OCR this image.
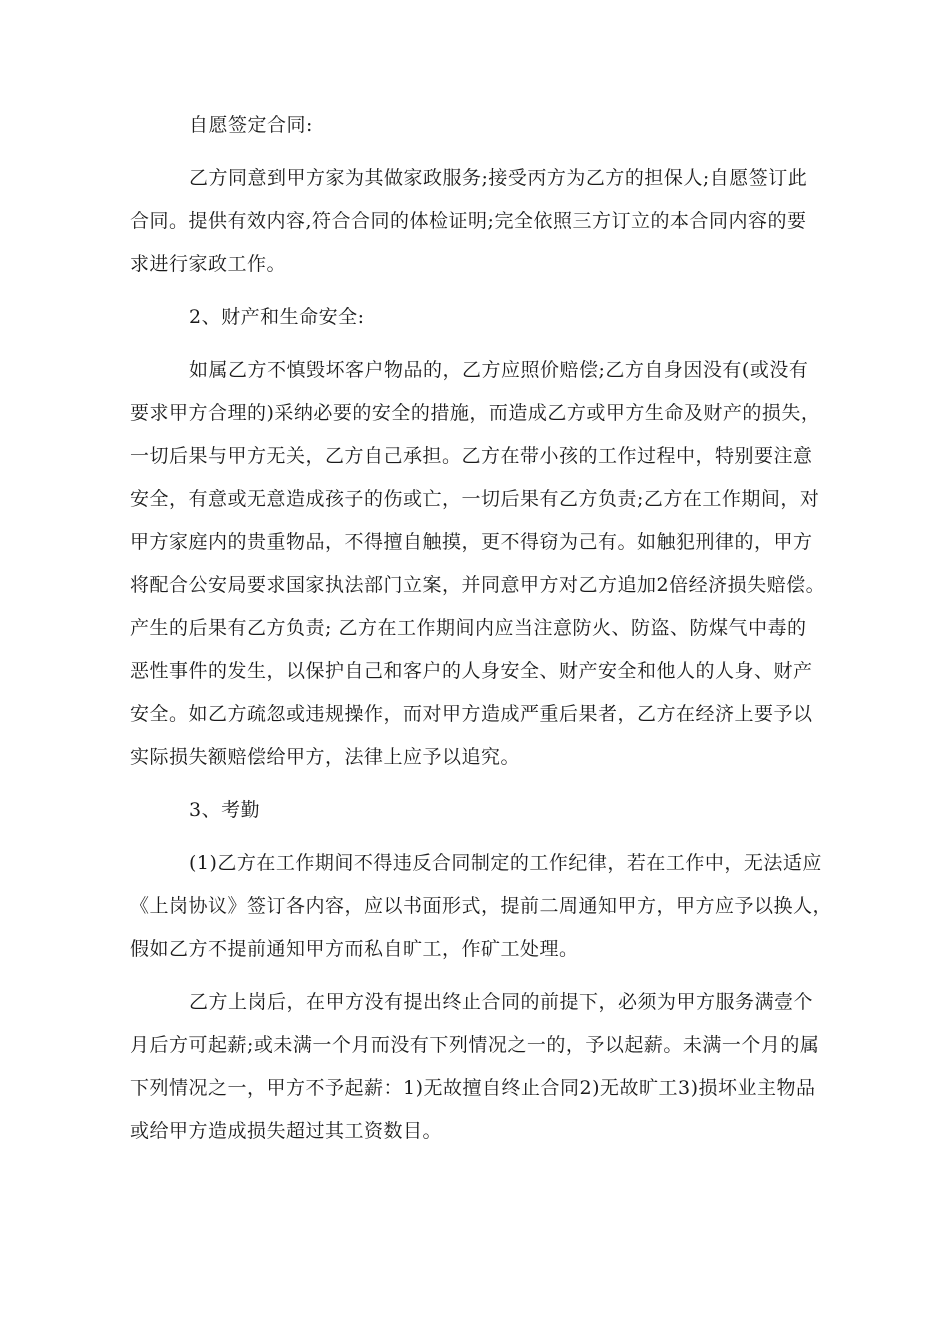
自愿签定合同:

乙方同意到甲方家为其做家政服务;接受丙方为乙方的担保人;自愿签订此
合同。提供有效内容,符合合同的体检证明;完全依照三方订立的本合同内容的要
求进行家政工作。

2、财产和生命安全:

如属乙方不慎毁坏客户物品的，乙方应照价赔偿;乙方自身因没有(或没有
要求甲方合理的)采纳必要的安全的措施，而造成乙方或甲方生命及财产的损失，
一切后果与甲方无关，乙方自己承担。乙方在带小孩的工作过程中，特别要注意
安全，有意或无意造成孩子的伤或亡，一切后果有乙方负责;乙方在工作期间，对
甲方家庭内的贵重物品，不得擅自触摸，更不得窃为己有。如触犯刑律的，甲方
将配合公安局要求国家执法部门立案，并同意甲方对乙方追加2倍经济损失赔偿。
产生的后果有乙方负责; 乙方在工作期间内应当注意防火、防盗、防煤气中毒的
恶性事件的发生，以保护自己和客户的人身安全、财产安全和他人的人身、财产
安全。如乙方疏忽或违规操作，而对甲方造成严重后果者，乙方在经济上要予以
实际损失额赔偿给甲方，法律上应予以追究。

3、考勤

(1)乙方在工作期间不得违反合同制定的工作纪律，若在工作中，无法适应
《上岗协议》签订各内容，应以书面形式，提前二周通知甲方，甲方应予以换人，
假如乙方不提前通知甲方而私自旷工，作矿工处理。

乙方上岗后，在甲方没有提出终止合同的前提下，必须为甲方服务满壹个
月后方可起薪;或未满一个月而没有下列情况之一的，予以起薪。未满一个月的属
下列情况之一，甲方不予起薪：1)无故擅自终止合同2)无故旷工3)损坏业主物品
或给甲方造成损失超过其工资数目。
